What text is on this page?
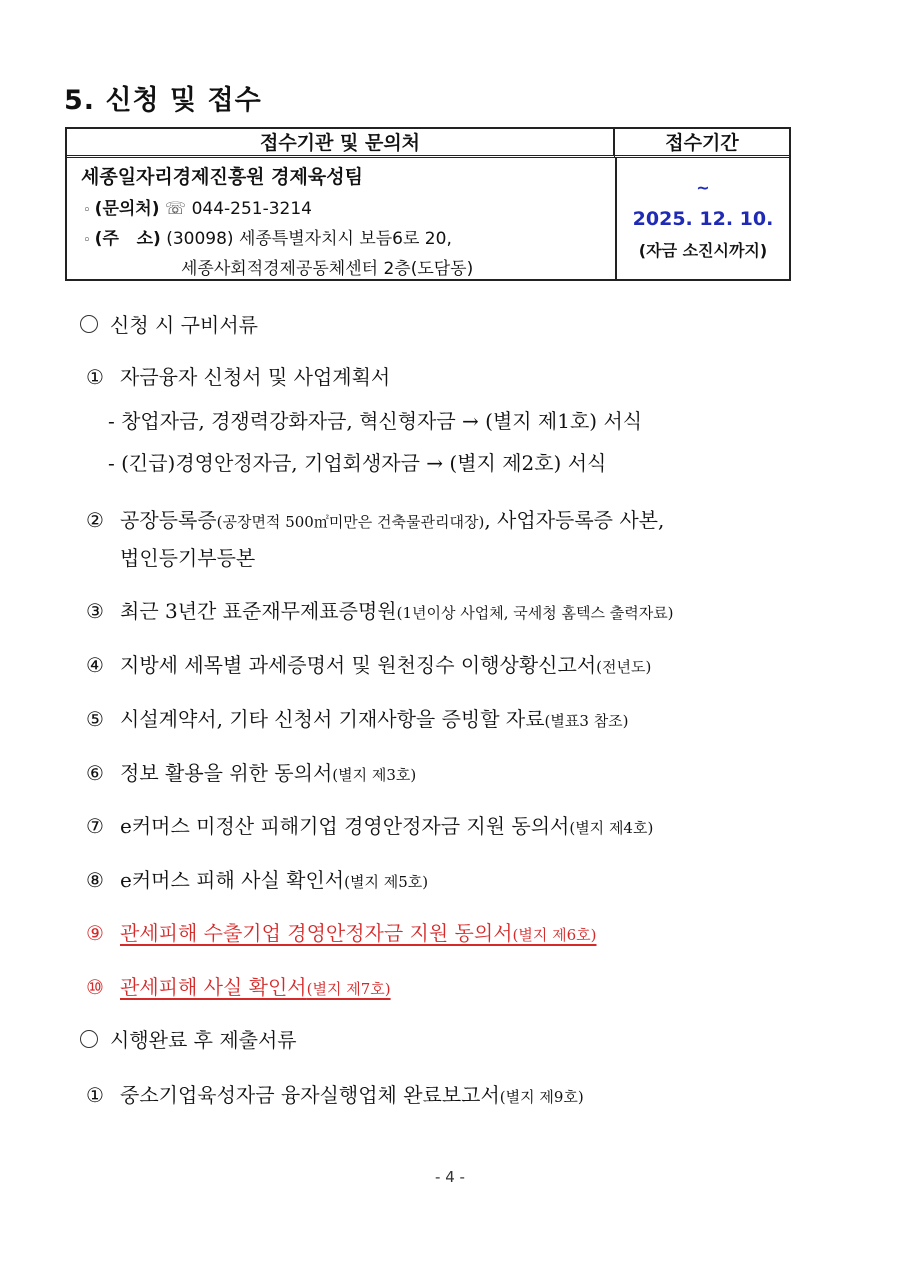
5. 신청 및 접수
접수기관 및 문의처	접수기간
세종일자리경제진흥원 경제육성팀
◦ (문의처) ☏ 044-251-3214
◦ (주   소) (30098) 세종특별자치시 보듬6로 20,
세종사회적경제공동체센터 2층(도담동)
~
2025. 12. 10.
(자금 소진시까지)
신청 시 구비서류
① 자금융자 신청서 및 사업계획서
- 창업자금, 경쟁력강화자금, 혁신형자금 → (별지 제1호) 서식
- (긴급)경영안정자금, 기업회생자금 → (별지 제2호) 서식
② 공장등록증(공장면적 500㎡미만은 건축물관리대장), 사업자등록증 사본,
법인등기부등본
③ 최근 3년간 표준재무제표증명원(1년이상 사업체, 국세청 홈텍스 출력자료)
④ 지방세 세목별 과세증명서 및 원천징수 이행상황신고서(전년도)
⑤ 시설계약서, 기타 신청서 기재사항을 증빙할 자료(별표3 참조)
⑥ 정보 활용을 위한 동의서(별지 제3호)
⑦ e커머스 미정산 피해기업 경영안정자금 지원 동의서(별지 제4호)
⑧ e커머스 피해 사실 확인서(별지 제5호)
⑨ 관세피해 수출기업 경영안정자금 지원 동의서(별지 제6호)
⑩ 관세피해 사실 확인서(별지 제7호)
시행완료 후 제출서류
① 중소기업육성자금 융자실행업체 완료보고서(별지 제9호)
- 4 -
